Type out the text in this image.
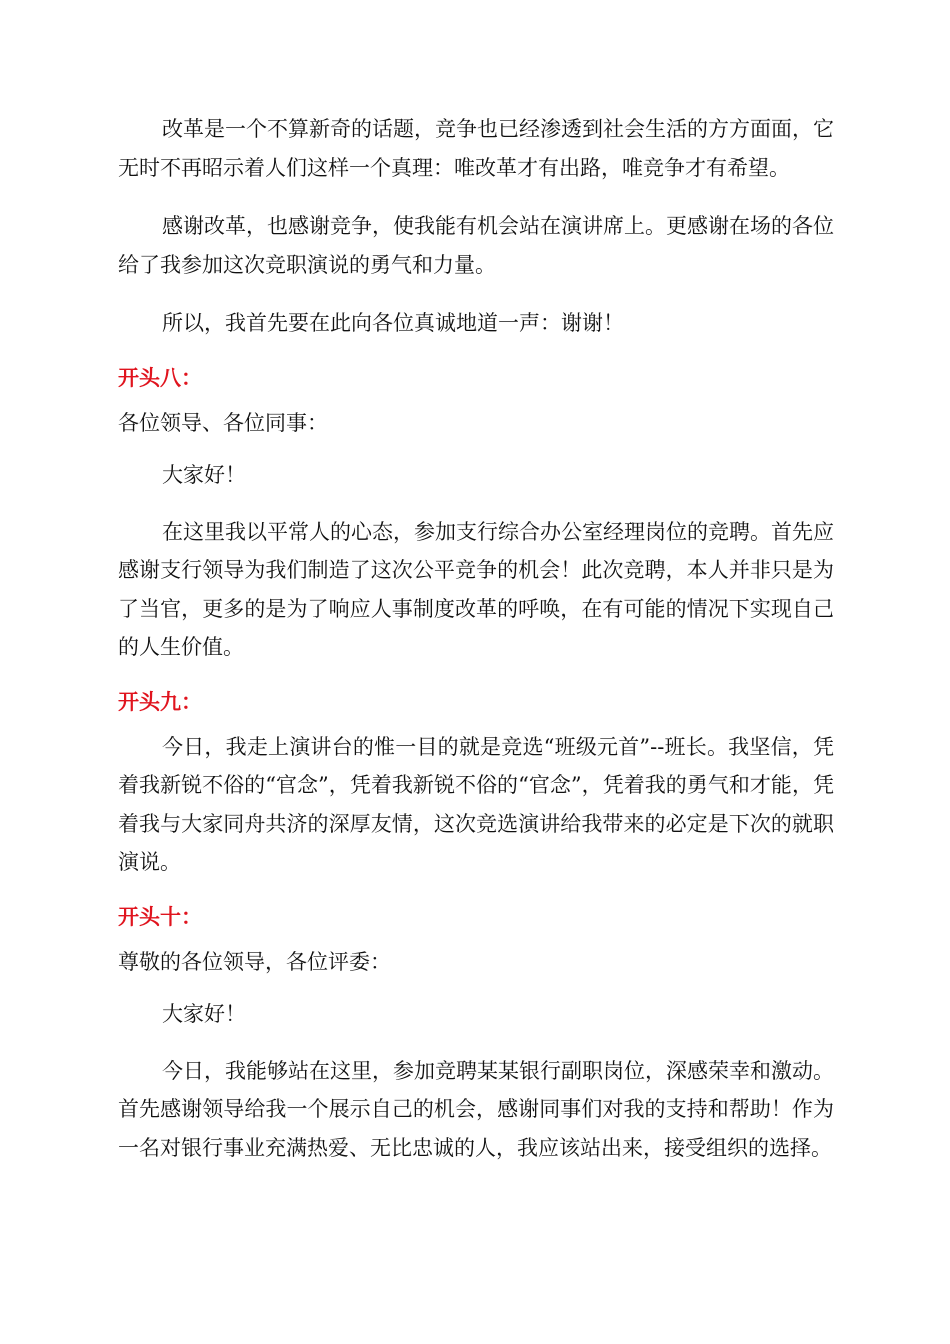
改革是一个不算新奇的话题，竞争也已经渗透到社会生活的方方面面，它无时不再昭示着人们这样一个真理：唯改革才有出路，唯竞争才有希望。

感谢改革，也感谢竞争，使我能有机会站在演讲席上。更感谢在场的各位给了我参加这次竞职演说的勇气和力量。

所以，我首先要在此向各位真诚地道一声：谢谢！

开头八：

各位领导、各位同事：

大家好！

在这里我以平常人的心态，参加支行综合办公室经理岗位的竞聘。首先应感谢支行领导为我们制造了这次公平竞争的机会！此次竞聘，本人并非只是为了当官，更多的是为了响应人事制度改革的呼唤，在有可能的情况下实现自己的人生价值。

开头九：

今日，我走上演讲台的惟一目的就是竞选“班级元首”--班长。我坚信，凭着我新锐不俗的“官念”，凭着我新锐不俗的“官念”，凭着我的勇气和才能，凭着我与大家同舟共济的深厚友情，这次竞选演讲给我带来的必定是下次的就职演说。

开头十：

尊敬的各位领导，各位评委：

大家好！

今日，我能够站在这里，参加竞聘某某银行副职岗位，深感荣幸和激动。首先感谢领导给我一个展示自己的机会，感谢同事们对我的支持和帮助！作为一名对银行事业充满热爱、无比忠诚的人，我应该站出来，接受组织的选择。
